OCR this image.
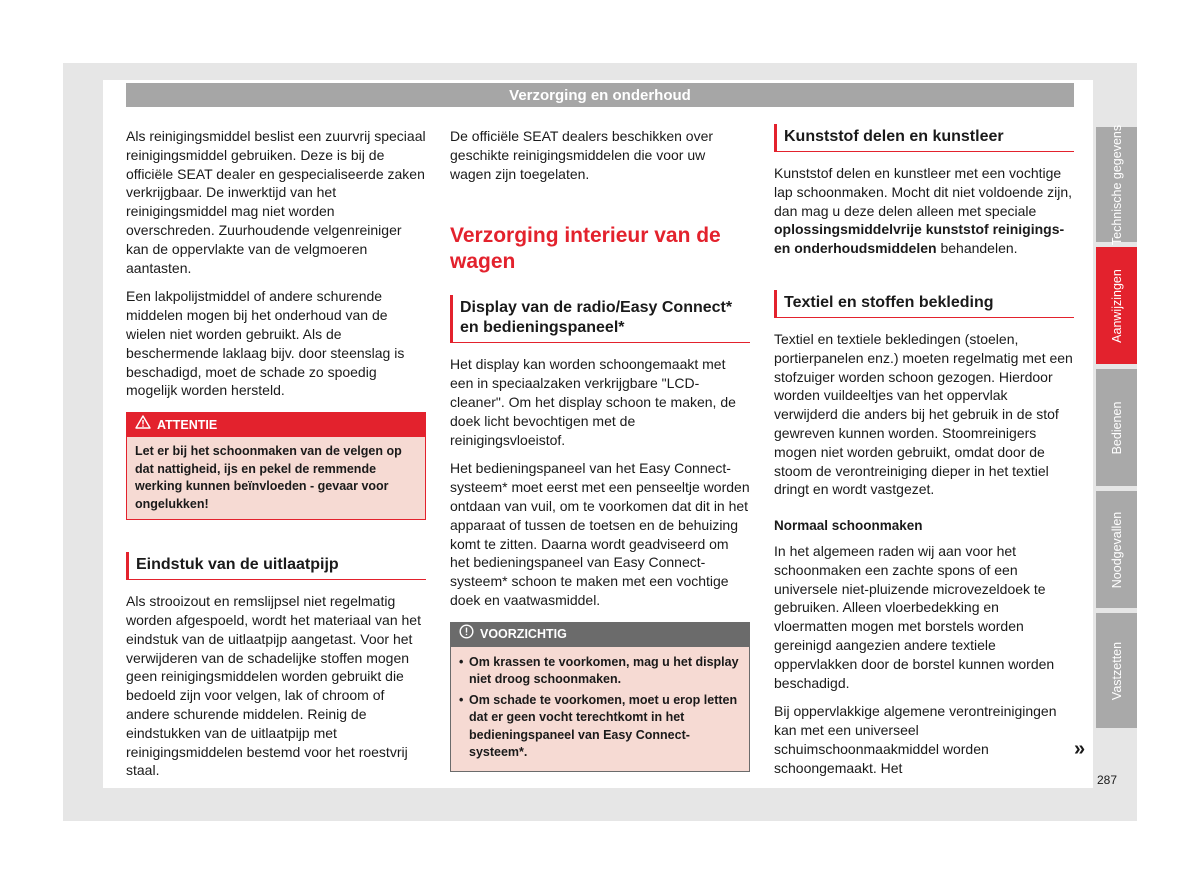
Verzorging en onderhoud

Als reinigingsmiddel beslist een zuurvrij speciaal reinigingsmiddel gebruiken. Deze is bij de officiële SEAT dealer en gespecialiseerde zaken verkrijgbaar. De inwerktijd van het reinigingsmiddel mag niet worden overschreden. Zuurhoudende velgenreiniger kan de oppervlakte van de velgmoeren aantasten.

Een lakpolijstmiddel of andere schurende middelen mogen bij het onderhoud van de wielen niet worden gebruikt. Als de beschermende laklaag bijv. door steenslag is beschadigd, moet de schade zo spoedig mogelijk worden hersteld.

ATTENTIE
Let er bij het schoonmaken van de velgen op dat nattigheid, ijs en pekel de remmende werking kunnen beïnvloeden - gevaar voor ongelukken!
Eindstuk van de uitlaatpijp

Als strooizout en remslijpsel niet regelmatig worden afgespoeld, wordt het materiaal van het eindstuk van de uitlaatpijp aangetast. Voor het verwijderen van de schadelijke stoffen mogen geen reinigingsmiddelen worden gebruikt die bedoeld zijn voor velgen, lak of chroom of andere schurende middelen. Reinig de eindstukken van de uitlaatpijp met reinigingsmiddelen bestemd voor het roestvrij staal.

De officiële SEAT dealers beschikken over geschikte reinigingsmiddelen die voor uw wagen zijn toegelaten.

Verzorging interieur van de wagen
Display van de radio/Easy Connect* en bedieningspaneel*

Het display kan worden schoongemaakt met een in speciaalzaken verkrijgbare "LCD-cleaner". Om het display schoon te maken, de doek licht bevochtigen met de reinigingsvloeistof.

Het bedieningspaneel van het Easy Connect-systeem* moet eerst met een penseeltje worden ontdaan van vuil, om te voorkomen dat dit in het apparaat of tussen de toetsen en de behuizing komt te zitten. Daarna wordt geadviseerd om het bedieningspaneel van Easy Connect-systeem* schoon te maken met een vochtige doek en vaatwasmiddel.

VOORZICHTIG
• Om krassen te voorkomen, mag u het display niet droog schoonmaken.
• Om schade te voorkomen, moet u erop letten dat er geen vocht terechtkomt in het bedieningspaneel van Easy Connect-systeem*.
Kunststof delen en kunstleer

Kunststof delen en kunstleer met een vochtige lap schoonmaken. Mocht dit niet voldoende zijn, dan mag u deze delen alleen met speciale oplossingsmiddelvrije kunststof reinigings- en onderhoudsmiddelen behandelen.

Textiel en stoffen bekleding

Textiel en textiele bekledingen (stoelen, portierpanelen enz.) moeten regelmatig met een stofzuiger worden schoon gezogen. Hierdoor worden vuildeeltjes van het oppervlak verwijderd die anders bij het gebruik in de stof gewreven kunnen worden. Stoomreinigers mogen niet worden gebruikt, omdat door de stoom de verontreiniging dieper in het textiel dringt en wordt vastgezet.

Normaal schoonmaken

In het algemeen raden wij aan voor het schoonmaken een zachte spons of een universele niet-pluizende microvezeldoek te gebruiken. Alleen vloerbedekking en vloermatten mogen met borstels worden gereinigd aangezien andere textiele oppervlakken door de borstel kunnen worden beschadigd.

Bij oppervlakkige algemene verontreinigingen kan met een universeel schuimschoonmaakmiddel worden schoongemaakt. Het

»
Technische gegevens
Aanwijzingen
Bedienen
Noodgevallen
Vastzetten
287
